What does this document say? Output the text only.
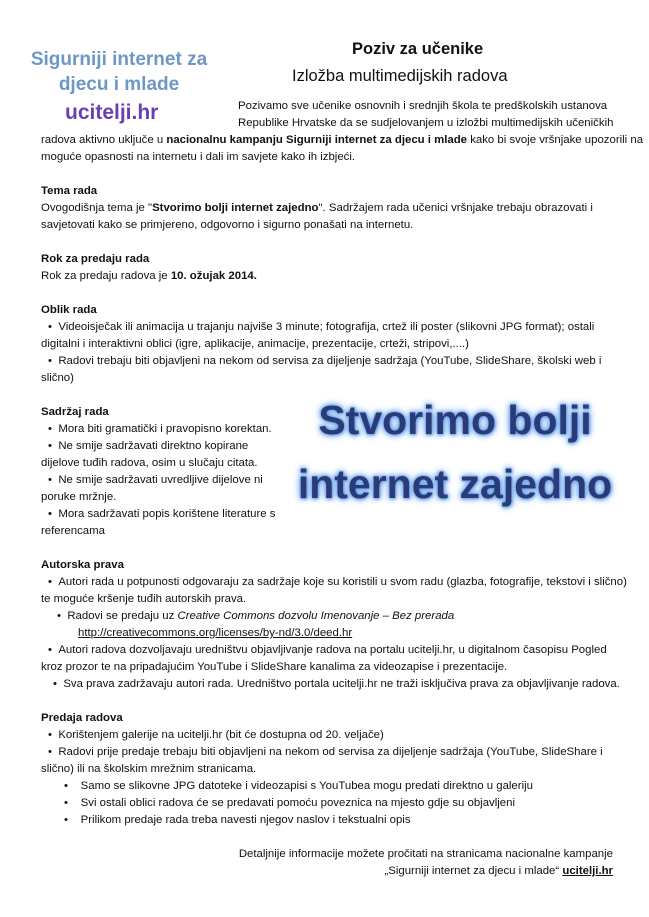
Sigurniji internet za
djecu i mlade
ucitelji.hr
Poziv za učenike
Izložba multimedijskih radova
Pozivamo sve učenike osnovnih i srednjih škola te predškolskih ustanova
Republike Hrvatske da se sudjelovanjem u izložbi multimedijskih učeničkih
radova aktivno uključe u nacionalnu kampanju Sigurniji internet za djecu i mlade kako bi svoje vršnjake upozorili na
moguće opasnosti na internetu i dali im savjete kako ih izbjeći.
Tema rada
Ovogodišnja tema je "Stvorimo bolji internet zajedno". Sadržajem rada učenici vršnjake trebaju obrazovati i
savjetovati kako se primjereno, odgovorno i sigurno ponašati na internetu.
Rok za predaju rada
Rok za predaju radova je 10. ožujak 2014.
Oblik rada
•  Videoisječak ili animacija u trajanju najviše 3 minute; fotografija, crtež ili poster (slikovni JPG format); ostali
digitalni i interaktivni oblici (igre, aplikacije, animacije, prezentacije, crteži, stripovi,....)
•  Radovi trebaju biti objavljeni na nekom od servisa za dijeljenje sadržaja (YouTube, SlideShare, školski web i
slično)
Sadržaj rada
•  Mora biti gramatički i pravopisno korektan.
•  Ne smije sadržavati direktno kopirane
dijelove tuđih radova, osim u slučaju citata.
•  Ne smije sadržavati uvredljive dijelove ni
poruke mržnje.
•  Mora sadržavati popis korištene literature s
referencama
Stvorimo bolji
internet zajedno
Autorska prava
•  Autori rada u potpunosti odgovaraju za sadržaje koje su koristili u svom radu (glazba, fotografije, tekstovi i slično)
te moguće kršenje tuđih autorskih prava.
•  Radovi se predaju uz Creative Commons dozvolu Imenovanje – Bez prerada
http://creativecommons.org/licenses/by-nd/3.0/deed.hr
•  Autori radova dozvoljavaju uredništvu objavljivanje radova na portalu ucitelji.hr, u digitalnom časopisu Pogled
kroz prozor te na pripadajućim YouTube i SlideShare kanalima za videozapise i prezentacije.
•  Sva prava zadržavaju autori rada. Uredništvo portala ucitelji.hr ne traži isključiva prava za objavljivanje radova.
Predaja radova
•  Korištenjem galerije na ucitelji.hr (bit će dostupna od 20. veljače)
•  Radovi prije predaje trebaju biti objavljeni na nekom od servisa za dijeljenje sadržaja (YouTube, SlideShare i
slično) ili na školskim mrežnim stranicama.
•    Samo se slikovne JPG datoteke i videozapisi s YouTubea mogu predati direktno u galeriju
•    Svi ostali oblici radova će se predavati pomoću poveznica na mjesto gdje su objavljeni
•    Prilikom predaje rada treba navesti njegov naslov i tekstualni opis
Detaljnije informacije možete pročitati na stranicama nacionalne kampanje
„Sigurniji internet za djecu i mlade“ ucitelji.hr
